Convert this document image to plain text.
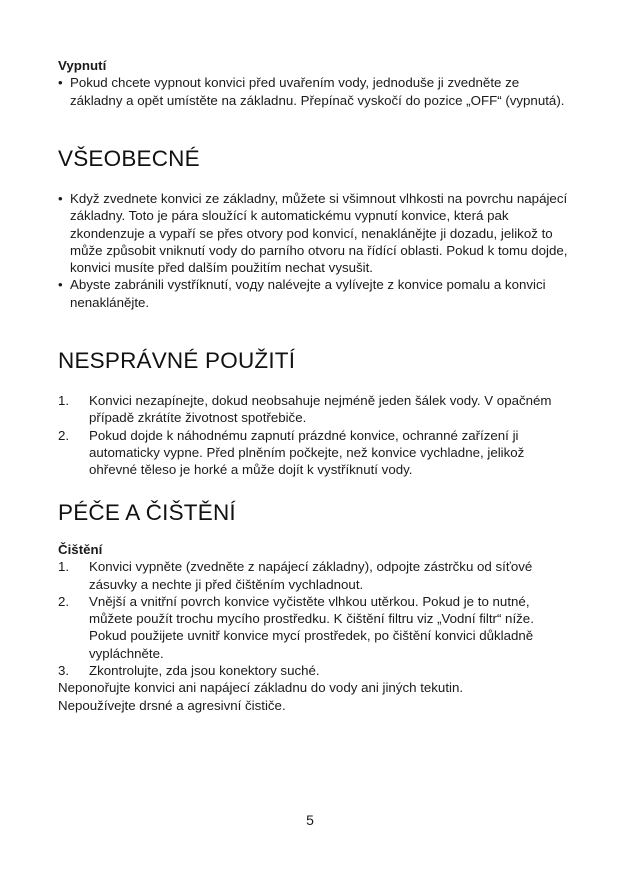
Vypnutí

• Pokud chcete vypnout konvici před uvařením vody, jednoduše ji zvedněte ze základny a opět umístěte na základnu. Přepínač vyskočí do pozice „OFF“ (vypnutá).

VŠEOBECNÉ

• Když zvednete konvici ze základny, můžete si všimnout vlhkosti na povrchu napájecí základny. Toto je pára sloužící k automatickému vypnutí konvice, která pak zkondenzuje a vypaří se přes otvory pod konvicí, nenaklánějte ji dozadu, jelikož to může způsobit vniknutí vody do parního otvoru na řídící oblasti. Pokud k tomu dojde, konvici musíte před dalším použitím nechat vysušit.

• Abyste zabránili vystříknutí, voду nalévejte a vylívejte z konvice pomalu a konvici nenaklánějte.

NESPRÁVNÉ POUŽITÍ

1. Konvici nezapínejte, dokud neobsahuje nejméně jeden šálek vody. V opačném případě zkrátíte životnost spotřebiče.

2. Pokud dojde k náhodnému zapnutí prázdné konvice, ochranné zařízení ji automaticky vypne. Před plněním počkejte, než konvice vychladne, jelikož ohřevné těleso je horké a může dojít k vystříknutí vody.

PÉČE A ČIŠTĚNÍ

Čištění

1. Konvici vypněte (zvedněte z napájecí základny), odpojte zástrčku od síťové zásuvky a nechte ji před čištěním vychladnout.

2. Vnější a vnitřní povrch konvice vyčistěte vlhkou utěrkou. Pokud je to nutné, můžete použít trochu mycího prostředku. K čištění filtru viz „Vodní filtr“ níže. Pokud použijete uvnitř konvice mycí prostředek, po čištění konvici důkladně vypláchněte.

3. Zkontrolujte, zda jsou konektory suché.

Neponořujte konvici ani napájecí základnu do vody ani jiných tekutin.

Nepoužívejte drsné a agresivní čističe.

5
